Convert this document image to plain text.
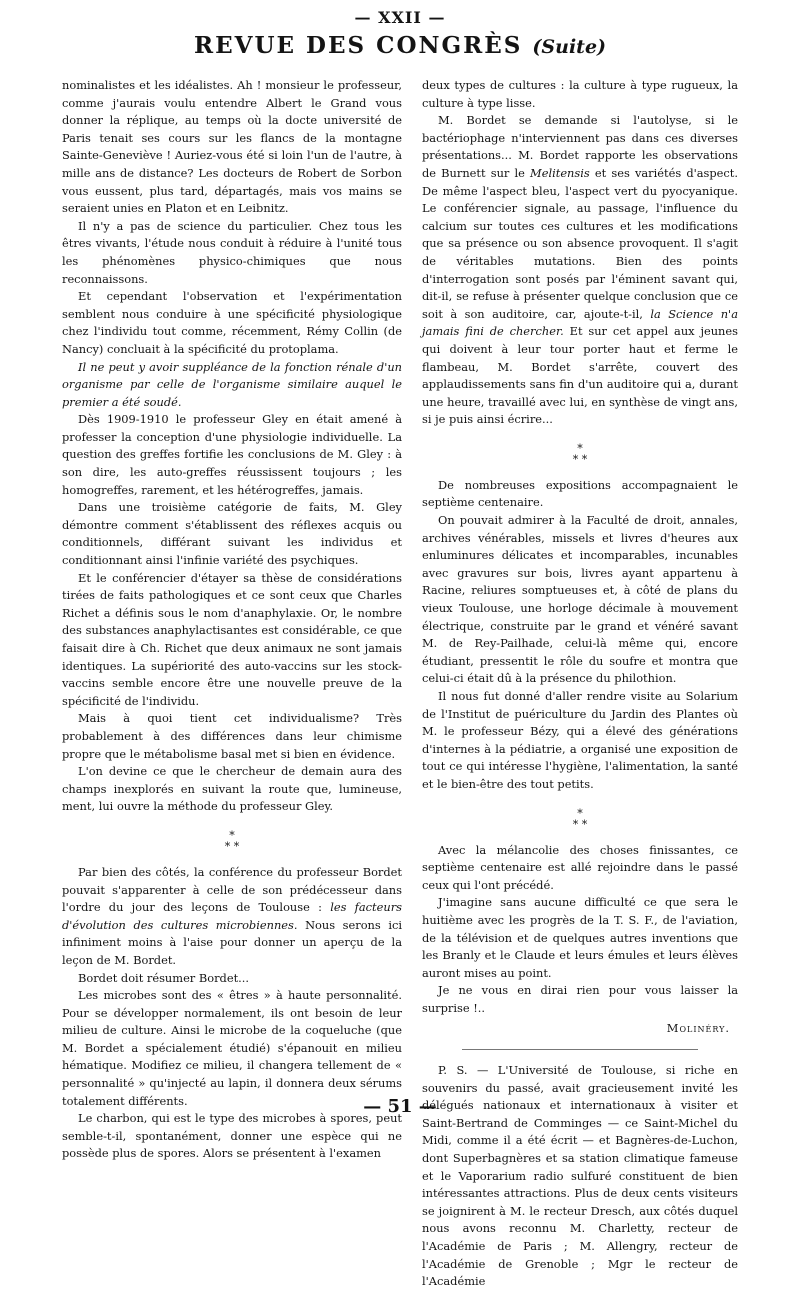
— XXII —
REVUE DES CONGRÈS (Suite)

nominalistes et les idéalistes. Ah ! monsieur le professeur, comme j'aurais voulu entendre Albert le Grand vous donner la réplique, au temps où la docte université de Paris tenait ses cours sur les flancs de la montagne Sainte-Geneviève ! Auriez-vous été si loin l'un de l'autre, à mille ans de distance? Les docteurs de Robert de Sorbon vous eussent, plus tard, départagés, mais vos mains se seraient unies en Platon et en Leibnitz.

Il n'y a pas de science du particulier. Chez tous les êtres vivants, l'étude nous conduit à réduire à l'unité tous les phénomènes physico-chimiques que nous reconnaissons.

Et cependant l'observation et l'expérimentation semblent nous conduire à une spécificité physiologique chez l'individu tout comme, récemment, Rémy Collin (de Nancy) concluait à la spécificité du protoplama.

Il ne peut y avoir suppléance de la fonction rénale d'un organisme par celle de l'organisme similaire auquel le premier a été soudé.

Dès 1909-1910 le professeur Gley en était amené à professer la conception d'une physiologie individuelle. La question des greffes fortifie les conclusions de M. Gley : à son dire, les auto-greffes réussissent toujours ; les homogreffes, rarement, et les hétérogreffes, jamais.

Dans une troisième catégorie de faits, M. Gley démontre comment s'établissent des réflexes acquis ou conditionnels, différant suivant les individus et conditionnant ainsi l'infinie variété des psychiques.

Et le conférencier d'étayer sa thèse de considérations tirées de faits pathologiques et ce sont ceux que Charles Richet a définis sous le nom d'anaphylaxie. Or, le nombre des substances anaphylactisantes est considérable, ce que faisait dire à Ch. Richet que deux animaux ne sont jamais identiques. La supériorité des auto-vaccins sur les stock-vaccins semble encore être une nouvelle preuve de la spécificité de l'individu.

Mais à quoi tient cet individualisme? Très probablement à des différences dans leur chimisme propre que le métabolisme basal met si bien en évidence.

L'on devine ce que le chercheur de demain aura des champs inexplorés en suivant la route que, lumineuse, ment, lui ouvre la méthode du professeur Gley.

*
* *

Par bien des côtés, la conférence du professeur Bordet pouvait s'apparenter à celle de son prédécesseur dans l'ordre du jour des leçons de Toulouse : les facteurs d'évolution des cultures microbiennes. Nous serons ici infiniment moins à l'aise pour donner un aperçu de la leçon de M. Bordet.

Bordet doit résumer Bordet...

Les microbes sont des « êtres » à haute personnalité. Pour se développer normalement, ils ont besoin de leur milieu de culture. Ainsi le microbe de la coqueluche (que M. Bordet a spécialement étudié) s'épanouit en milieu hématique. Modifiez ce milieu, il changera tellement de « personnalité » qu'injecté au lapin, il donnera deux sérums totalement différents.

Le charbon, qui est le type des microbes à spores, peut semble-t-il, spontanément, donner une espèce qui ne possède plus de spores. Alors se présentent à l'examen

deux types de cultures : la culture à type rugueux, la culture à type lisse.

M. Bordet se demande si l'autolyse, si le bactériophage n'interviennent pas dans ces diverses présentations... M. Bordet rapporte les observations de Burnett sur le Melitensis et ses variétés d'aspect. De même l'aspect bleu, l'aspect vert du pyocyanique. Le conférencier signale, au passage, l'influence du calcium sur toutes ces cultures et les modifications que sa présence ou son absence provoquent. Il s'agit de véritables mutations. Bien des points d'interrogation sont posés par l'éminent savant qui, dit-il, se refuse à présenter quelque conclusion que ce soit à son auditoire, car, ajoute-t-il, la Science n'a jamais fini de chercher. Et sur cet appel aux jeunes qui doivent à leur tour porter haut et ferme le flambeau, M. Bordet s'arrête, couvert des applaudissements sans fin d'un auditoire qui a, durant une heure, travaillé avec lui, en synthèse de vingt ans, si je puis ainsi écrire...

*
* *

De nombreuses expositions accompagnaient le septième centenaire.

On pouvait admirer à la Faculté de droit, annales, archives vénérables, missels et livres d'heures aux enluminures délicates et incomparables, incunables avec gravures sur bois, livres ayant appartenu à Racine, reliures somptueuses et, à côté de plans du vieux Toulouse, une horloge décimale à mouvement électrique, construite par le grand et vénéré savant M. de Rey-Pailhade, celui-là même qui, encore étudiant, pressentit le rôle du soufre et montra que celui-ci était dû à la présence du philothion.

Il nous fut donné d'aller rendre visite au Solarium de l'Institut de puériculture du Jardin des Plantes où M. le professeur Bézy, qui a élevé des générations d'internes à la pédiatrie, a organisé une exposition de tout ce qui intéresse l'hygiène, l'alimentation, la santé et le bien-être des tout petits.

*
* *

Avec la mélancolie des choses finissantes, ce septième centenaire est allé rejoindre dans le passé ceux qui l'ont précédé.

J'imagine sans aucune difficulté ce que sera le huitième avec les progrès de la T. S. F., de l'aviation, de la télévision et de quelques autres inventions que les Branly et le Claude et leurs émules et leurs élèves auront mises au point.

Je ne vous en dirai rien pour vous laisser la surprise !..

Molinéry.

P. S. — L'Université de Toulouse, si riche en souvenirs du passé, avait gracieusement invité les délégués nationaux et internationaux à visiter et Saint-Bertrand de Comminges — ce Saint-Michel du Midi, comme il a été écrit — et Bagnères-de-Luchon, dont Superbagnères et sa station climatique fameuse et le Vaporarium radio sulfuré constituent de bien intéressantes attractions. Plus de deux cents visiteurs se joignirent à M. le recteur Dresch, aux côtés duquel nous avons reconnu M. Charletty, recteur de l'Académie de Paris ; M. Allengry, recteur de l'Académie de Grenoble ; Mgr le recteur de l'Académie

— 51 —
